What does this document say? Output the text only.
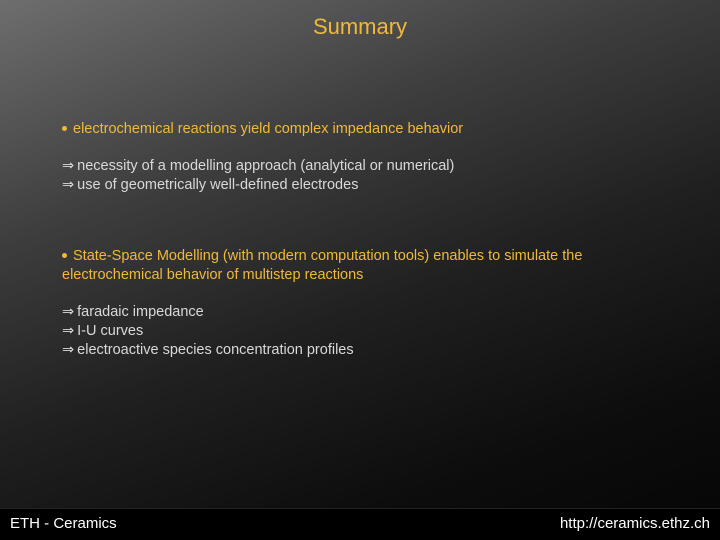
Summary

electrochemical reactions yield complex impedance behavior

⇒ necessity of a modelling approach (analytical or numerical)

⇒ use of geometrically well-defined electrodes

State-Space Modelling (with modern computation tools) enables to simulate the

electrochemical behavior of multistep reactions

⇒ faradaic impedance

⇒ I-U curves

⇒ electroactive species concentration profiles

ETH - Ceramics	http://ceramics.ethz.ch
